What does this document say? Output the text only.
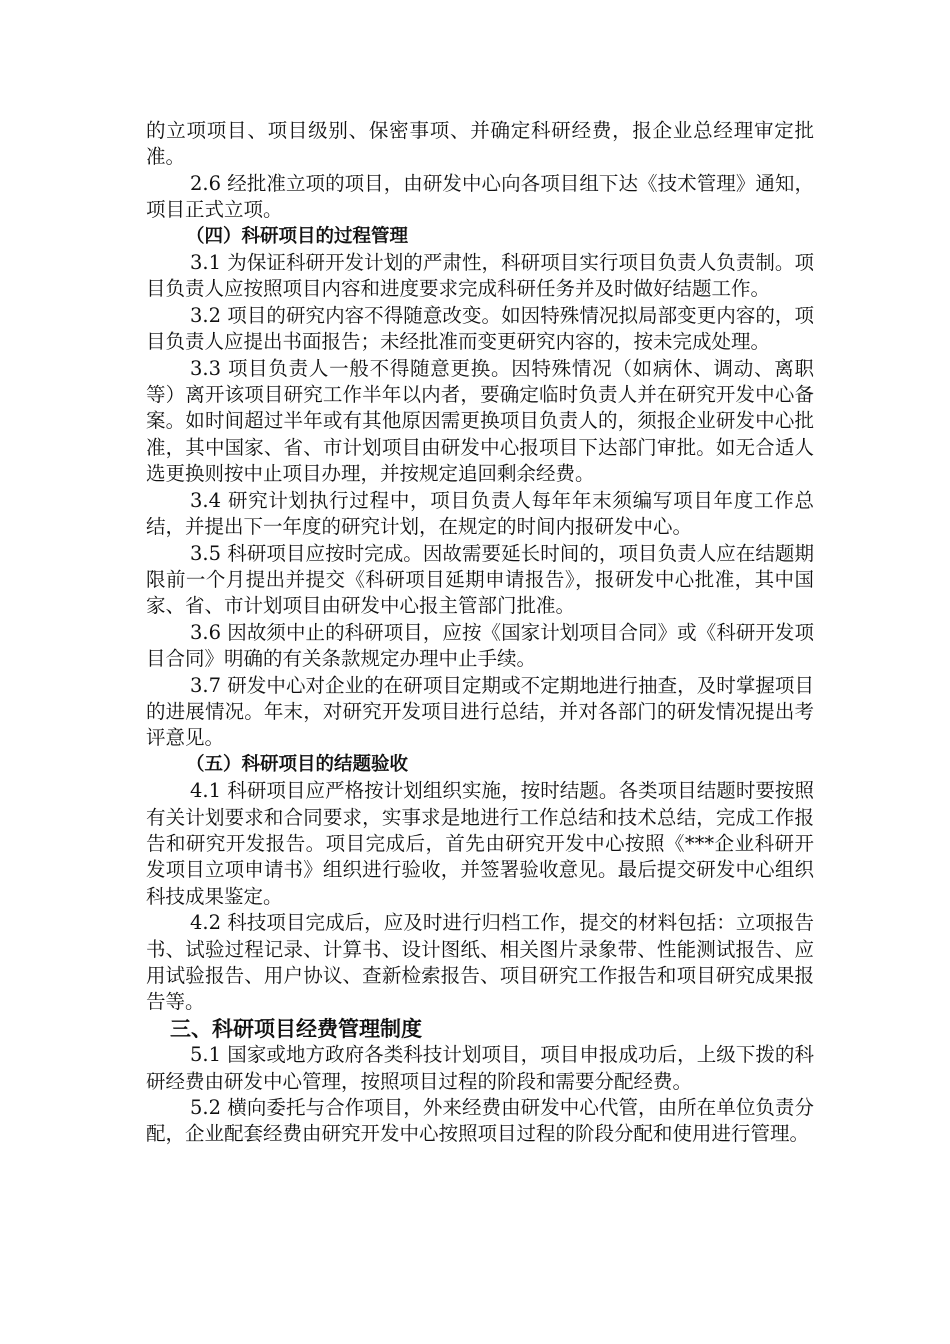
的立项项目、项目级别、保密事项、并确定科研经费，报企业总经理审定批准。

2.6 经批准立项的项目，由研发中心向各项目组下达《技术管理》通知，项目正式立项。

（四）科研项目的过程管理

3.1 为保证科研开发计划的严肃性，科研项目实行项目负责人负责制。项目负责人应按照项目内容和进度要求完成科研任务并及时做好结题工作。

3.2 项目的研究内容不得随意改变。如因特殊情况拟局部变更内容的，项目负责人应提出书面报告；未经批准而变更研究内容的，按未完成处理。

3.3 项目负责人一般不得随意更换。因特殊情况（如病休、调动、离职等）离开该项目研究工作半年以内者，要确定临时负责人并在研究开发中心备案。如时间超过半年或有其他原因需更换项目负责人的，须报企业研发中心批准，其中国家、省、市计划项目由研发中心报项目下达部门审批。如无合适人选更换则按中止项目办理，并按规定追回剩余经费。

3.4 研究计划执行过程中，项目负责人每年年末须编写项目年度工作总结，并提出下一年度的研究计划，在规定的时间内报研发中心。

3.5 科研项目应按时完成。因故需要延长时间的，项目负责人应在结题期限前一个月提出并提交《科研项目延期申请报告》，报研发中心批准，其中国家、省、市计划项目由研发中心报主管部门批准。

3.6 因故须中止的科研项目，应按《国家计划项目合同》或《科研开发项目合同》明确的有关条款规定办理中止手续。

3.7 研发中心对企业的在研项目定期或不定期地进行抽查，及时掌握项目的进展情况。年末，对研究开发项目进行总结，并对各部门的研发情况提出考评意见。

（五）科研项目的结题验收

4.1 科研项目应严格按计划组织实施，按时结题。各类项目结题时要按照有关计划要求和合同要求，实事求是地进行工作总结和技术总结，完成工作报告和研究开发报告。项目完成后，首先由研究开发中心按照《***企业科研开发项目立项申请书》组织进行验收，并签署验收意见。最后提交研发中心组织科技成果鉴定。

4.2 科技项目完成后，应及时进行归档工作，提交的材料包括：立项报告书、试验过程记录、计算书、设计图纸、相关图片录象带、性能测试报告、应用试验报告、用户协议、查新检索报告、项目研究工作报告和项目研究成果报告等。

三、科研项目经费管理制度

5.1 国家或地方政府各类科技计划项目，项目申报成功后，上级下拨的科研经费由研发中心管理，按照项目过程的阶段和需要分配经费。

5.2 横向委托与合作项目，外来经费由研发中心代管，由所在单位负责分配，企业配套经费由研究开发中心按照项目过程的阶段分配和使用进行管理。
